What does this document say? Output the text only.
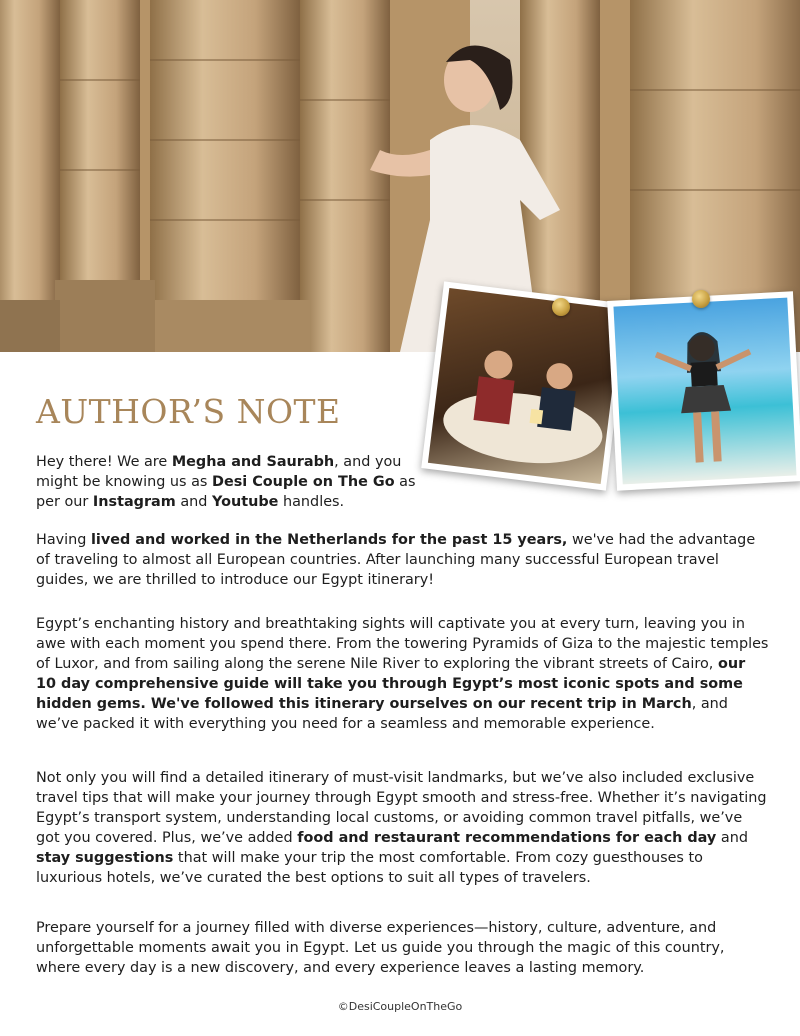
AUTHOR’S NOTE

Hey there! We are Megha and Saurabh, and you might be knowing us as Desi Couple on The Go as per our Instagram and Youtube handles.

Having lived and worked in the Netherlands for the past 15 years, we've had the advantage of traveling to almost all European countries. After launching many successful European travel guides, we are thrilled to introduce our Egypt itinerary!

Egypt’s enchanting history and breathtaking sights will captivate you at every turn, leaving you in awe with each moment you spend there. From the towering Pyramids of Giza to the majestic temples of Luxor, and from sailing along the serene Nile River to exploring the vibrant streets of Cairo, our 10 day comprehensive guide will take you through Egypt’s most iconic spots and some hidden gems. We've followed this itinerary ourselves on our recent trip in March, and we’ve packed it with everything you need for a seamless and memorable experience.

Not only you will find a detailed itinerary of must-visit landmarks, but we’ve also included exclusive travel tips that will make your journey through Egypt smooth and stress-free. Whether it’s navigating Egypt’s transport system, understanding local customs, or avoiding common travel pitfalls, we’ve got you covered. Plus, we’ve added food and restaurant recommendations for each day and stay suggestions that will make your trip the most comfortable. From cozy guesthouses to luxurious hotels, we’ve curated the best options to suit all types of travelers.

Prepare yourself for a journey filled with diverse experiences—history, culture, adventure, and unforgettable moments await you in Egypt. Let us guide you through the magic of this country, where every day is a new discovery, and every experience leaves a lasting memory.

©DesiCoupleOnTheGo
